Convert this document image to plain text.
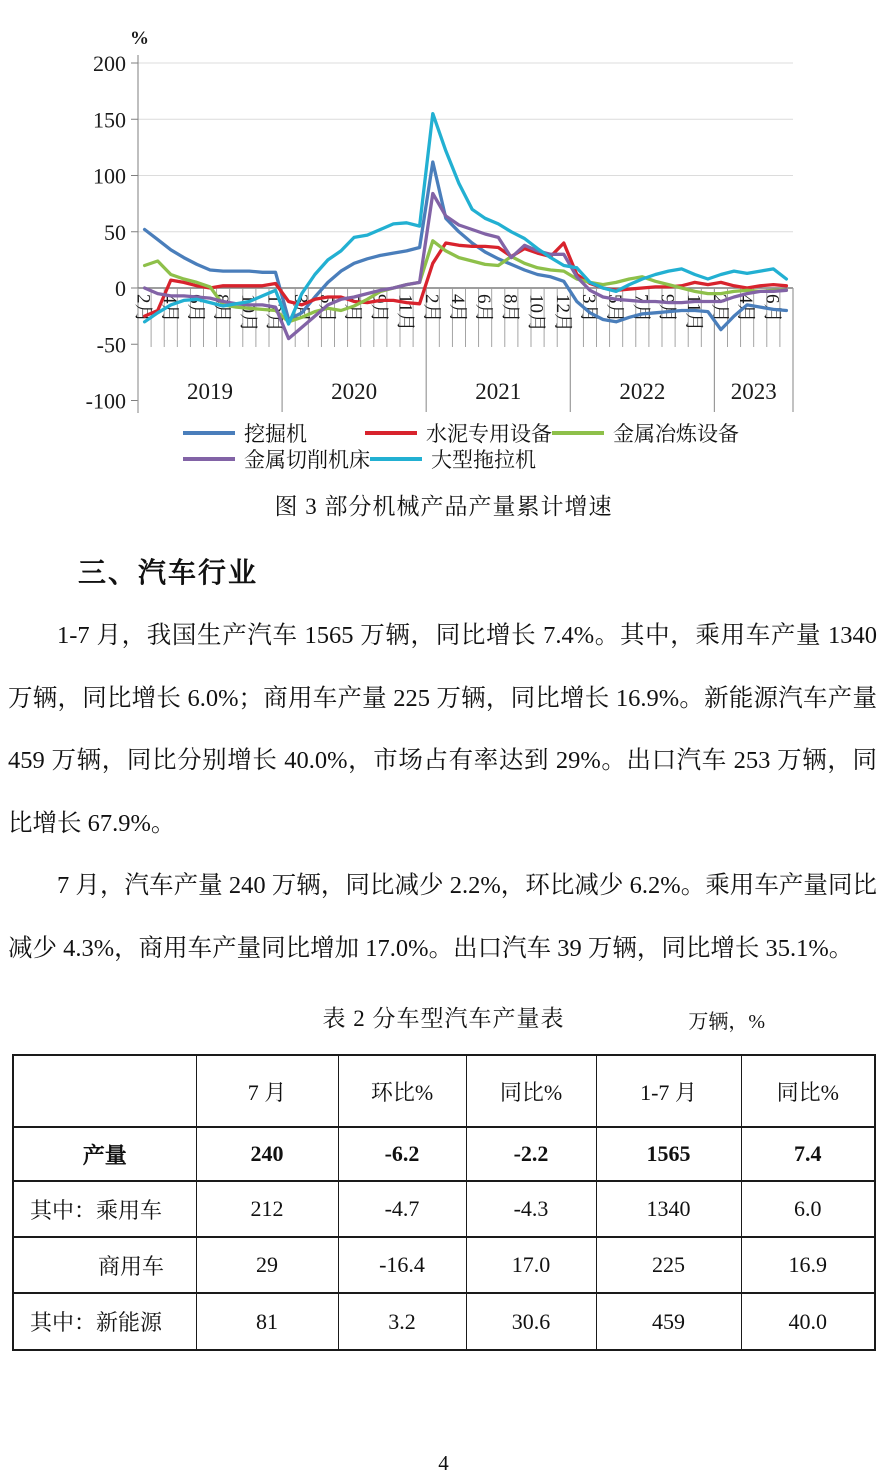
200
150
100
50
0
-50
-100
%
2月 4月 6月 8月 10月 12月 3月 5月 7月 9月 11月 2月 4月 6月 8月 10月 12月 3月 5月 7月 9月 11月 2月 4月 6月
2019	2020	2021	2022	2023
挖掘机	水泥专用设备	金属冶炼设备
金属切削机床	大型拖拉机
图 3 部分机械产品产量累计增速
三、汽车行业
1-7 月，我国生产汽车 1565 万辆，同比增长 7.4%。其中，乘用车产量 1340 万辆，同比增长 6.0%；商用车产量 225 万辆，同比增长 16.9%。新能源汽车产量 459 万辆，同比分别增长 40.0%，市场占有率达到 29%。出口汽车 253 万辆，同比增长 67.9%。
7 月，汽车产量 240 万辆，同比减少 2.2%，环比减少 6.2%。乘用车产量同比减少 4.3%，商用车产量同比增加 17.0%。出口汽车 39 万辆，同比增长 35.1%。
表 2 分车型汽车产量表	万辆，%
	7 月	环比%	同比%	1-7 月	同比%
产量	240	-6.2	-2.2	1565	7.4
其中：乘用车	212	-4.7	-4.3	1340	6.0
商用车	29	-16.4	17.0	225	16.9
其中：新能源	81	3.2	30.6	459	40.0
4
